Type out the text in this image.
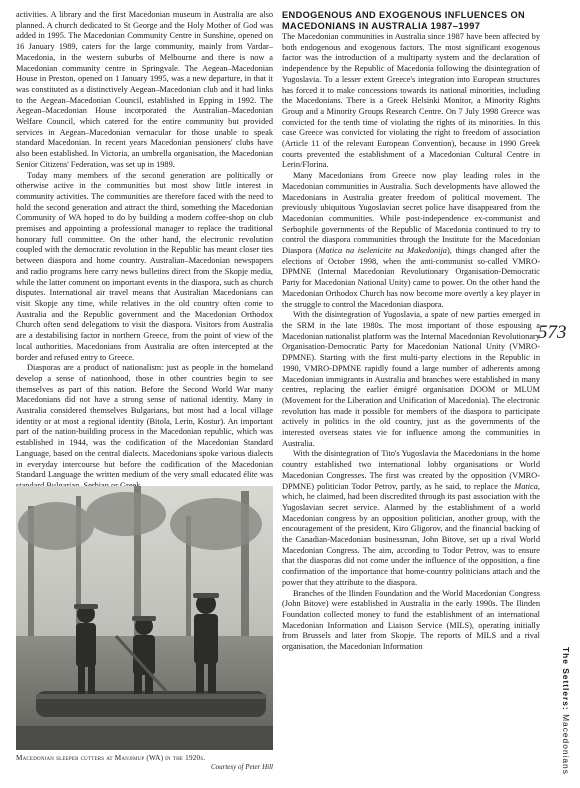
activities. A library and the first Macedonian museum in Australia are also planned. A church dedicated to St George and the Holy Mother of God was added in 1995. The Macedonian Community Centre in Sunshine, opened on 16 January 1989, caters for the large community, mainly from Vardar–Macedonia, in the western suburbs of Melbourne and there is now a Macedonian community centre in Springvale. The Aegean–Macedonian House in Preston, opened on 1 January 1995, was a new departure, in that it was constituted as a distinctively Aegean–Macedonian club and it had links to the Aegean–Macedonian Council, established in Epping in 1992. The Aegean–Macedonian House incorporated the Australian–Macedonian Welfare Council, which catered for the entire community but provided services in Aegean–Macedonian vernacular for those unable to speak standard Macedonian. In recent years Macedonian pensioners' clubs have also been established. In Victoria, an umbrella organisation, the Macedonian Senior Citizens' Federation, was set up in 1989.

Today many members of the second generation are politically or otherwise active in the communities but most show little interest in community activities. The communities are therefore faced with the need to hold the second generation and attract the third, something the Macedonian Community of WA hoped to do by building a modern coffee-shop on club premises and appointing a professional manager to replace the traditional honorary full committee. On the other hand, the electronic revolution coupled with the democratic revolution in the Republic has meant closer ties between diaspora and home country. Australian–Macedonian newspapers and radio programs here carry news bulletins direct from the Skopje media, while the latter comment on important events in the diaspora, such as church disputes. International air travel means that Australian Macedonians can visit Skopje any time, while relatives in the old country often come to Australia and the Republic government and the Macedonian Orthodox Church often send delegations to visit the diaspora. Visitors from Australia are a destabilising factor in northern Greece, from the point of view of the local authorities. Macedonians from Australia are often intercepted at the border and refused entry to Greece.

Diasporas are a product of nationalism: just as people in the homeland develop a sense of nationhood, those in other countries begin to see themselves as part of this nation. Before the Second World War many Macedonians did not have a strong sense of national identity. Many in Australia considered themselves Bulgarians, but most had a local village identity or at most a regional identity (Bitola, Lerin, Kostur). An important part of the nation-building process in the Macedonian republic, which was established in 1944, was the codification of the Macedonian Standard Language, based on the central dialects. Macedonians spoke various dialects in everyday intercourse but before the codification of the Macedonian Standard Language the written medium of the very small educated élite was

Macedonian sleeper cutters at Manjimup (WA) in the 1920s.
Courtesy of Peter Hill
ENDOGENOUS AND EXOGENOUS INFLUENCES ON MACEDONIANS IN AUSTRALIA 1987–1997

The Macedonian communities in Australia since 1987 have been affected by both endogenous and exogenous factors. The most significant exogenous factor was the introduction of a multiparty system and the declaration of independence by the Republic of Macedonia following the disintegration of Yugoslavia. To a lesser extent Greece's integration into European structures has forced it to make concessions towards its national minorities, including the Macedonians. There is a Greek Helsinki Monitor, a Minority Rights Group and a Minority Groups Research Centre. On 7 July 1998 Greece was convicted for the tenth time of violating the rights of its minorities. In this case Greece was convicted for violating the right to freedom of association (Article 11 of the relevant European Convention), because in 1990 Greek courts prevented the establishment of a Macedonian Cultural Centre in Lerin/Florina.

Many Macedonians from Greece now play leading roles in the Macedonian communities in Australia. Such developments have allowed the Macedonians in Australia greater freedom of political movement. The previously ubiquitous Yugoslavian secret police have disappeared from the Macedonian communities. While post-independence ex-communist and Serbophile governments of the Republic of Macedonia continued to try to control the diaspora communities through the Institute for the Macedonian Diaspora (Matica na iselenicite na Makedonija), things changed after the elections of October 1998, when the anti-communist so-called VMRO-DPMNE (Internal Macedonian Revolutionary Organisation-Democratic Party for Macedonian National Unity) came to power. On the other hand the Macedonian Orthodox Church has now become more overtly a key player in the struggle to control the Macedonian diaspora.

With the disintegration of Yugoslavia, a spate of new parties emerged in the SRM in the late 1980s. The most important of those espousing a Macedonian nationalist platform was the Internal Macedonian Revolutionary Organisation-Democratic Party for Macedonian National Unity (VMRO-DPMNE). Starting with the first multi-party elections in the Republic in 1990, VMRO-DPMNE rapidly found a large number of adherents among Macedonian immigrants in Australia and branches were established in many centres, replacing the earlier émigré organisation DOOM or MLUM (Movement for the Liberation and Unification of Macedonia). The electronic revolution has made it possible for members of the diaspora to participate actively in politics in the old country, just as the governments of the interested overseas states vie for influence among the communities in Australia.

With the disintegration of Tito's Yugoslavia the Macedonians in the home country established two international lobby organisations or World Macedonian Congresses. The first was created by the opposition (VMRO-DPMNE) politician Todor Petrov, partly, as he said, to replace the Matica, which, he claimed, had been discredited through its past association with the Yugoslavian secret service. Alarmed by the establishment of a world Macedonian congress by an opposition politician, another group, with the encouragement of the president, Kiro Gligorov, and the financial backing of the Canadian-Macedonian businessman, John Bitove, set up a rival World Macedonian Congress. The aim, according to Todor Petrov, was to ensure that the diasporas did not come under the influence of the opposition, a fine confirmation of the importance that home-country politicians attach and the power that they attribute to the diaspora.

Branches of the Ilinden Foundation and the World Macedonian Congress (John Bitove) were established in Australia in the early 1990s. The Ilinden Foundation collected money to fund the establishment of an international Macedonian Information and Liaison Service (MILS), operating initially from Brussels and later from Skopje. The reports of MILS and a rival organisation, the Macedonian Information

573
The Settlers: Macedonians
